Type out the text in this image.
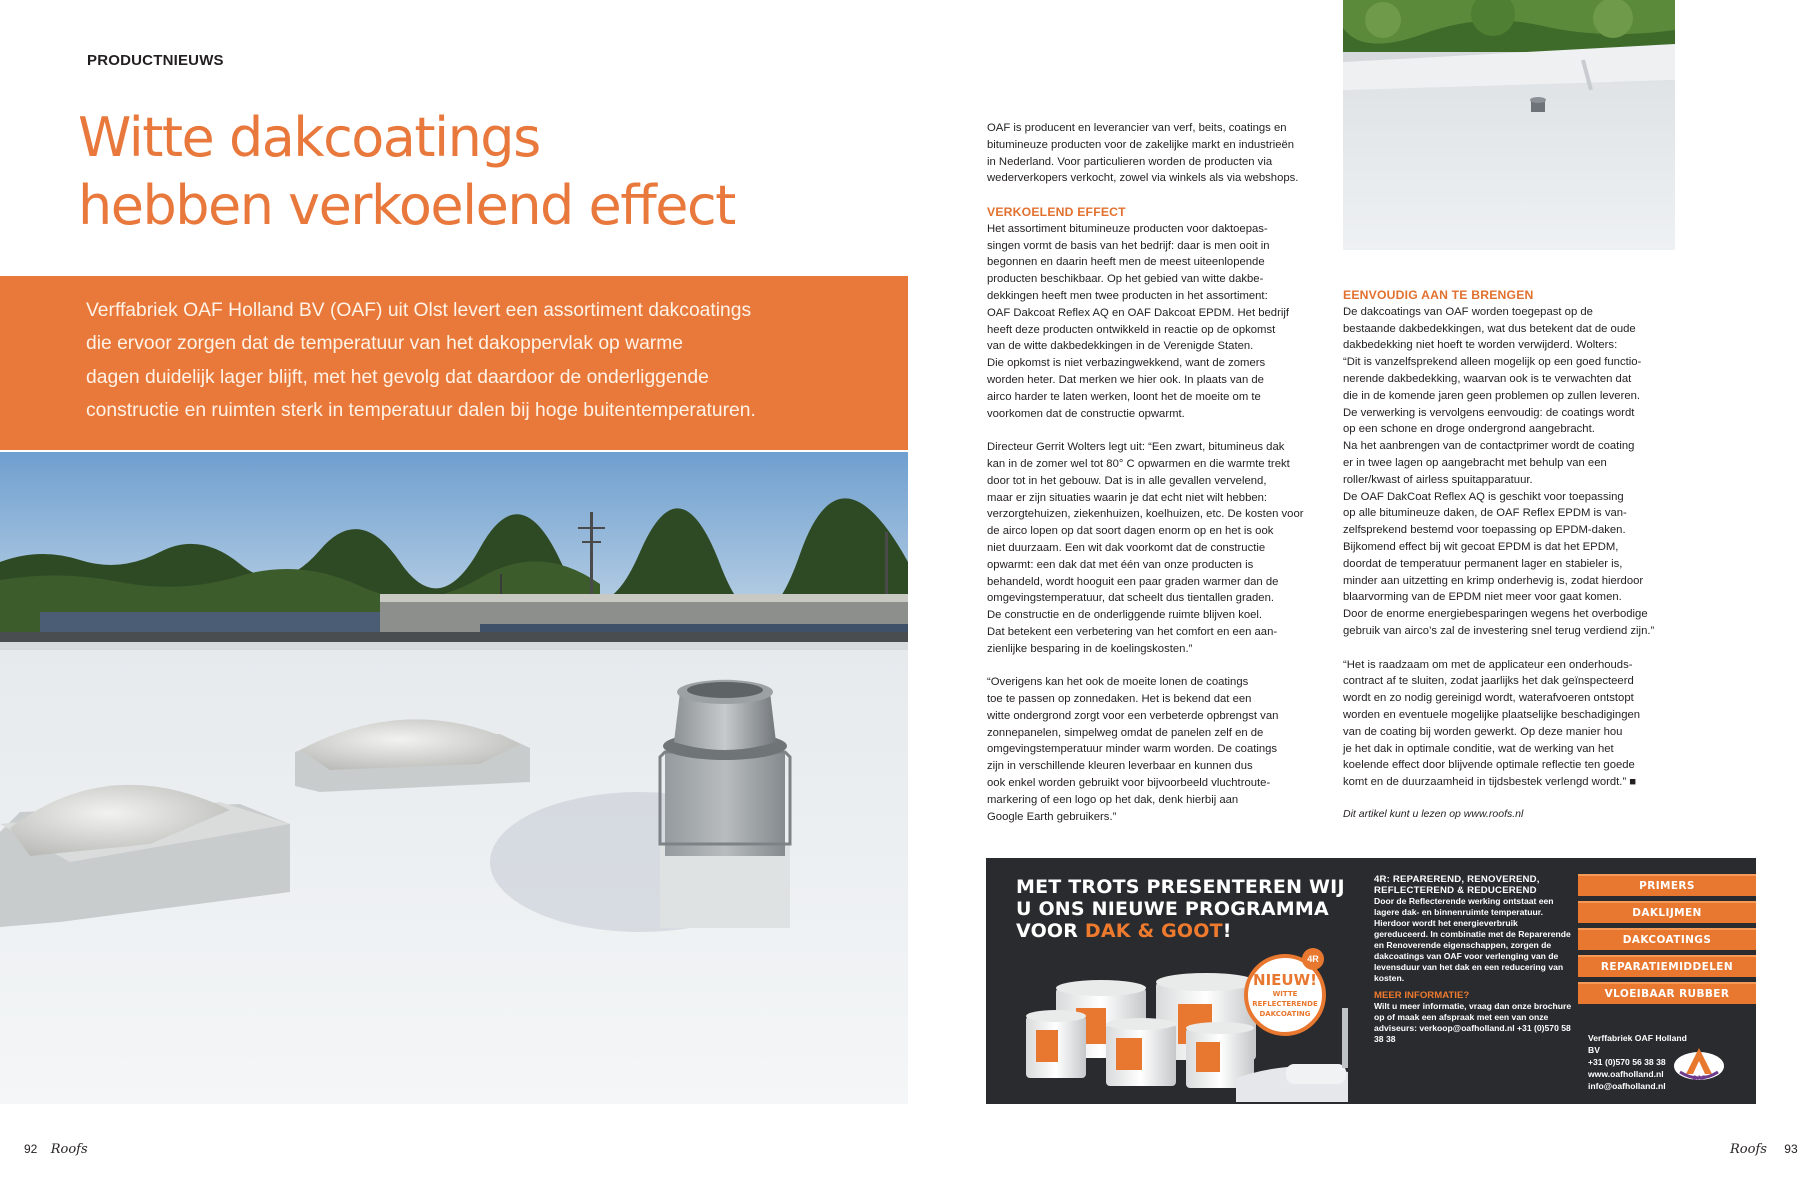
PRODUCTNIEUWS
Witte dakcoatings
hebben verkoelend effect
Verffabriek OAF Holland BV (OAF) uit Olst levert een assortiment dakcoatings
die ervoor zorgen dat de temperatuur van het dakoppervlak op warme
dagen duidelijk lager blijft, met het gevolg dat daardoor de onderliggende
constructie en ruimten sterk in temperatuur dalen bij hoge buitentemperaturen.

OAF is producent en leverancier van verf, beits, coatings en
bitumineuze producten voor de zakelijke markt en industrieën
in Nederland. Voor particulieren worden de producten via
wederverkopers verkocht, zowel via winkels als via webshops.

VERKOELEND EFFECT

Het assortiment bitumineuze producten voor daktoepas-
singen vormt de basis van het bedrijf: daar is men ooit in
begonnen en daarin heeft men de meest uiteenlopende
producten beschikbaar. Op het gebied van witte dakbe-
dekkingen heeft men twee producten in het assortiment:
OAF Dakcoat Reflex AQ en OAF Dakcoat EPDM. Het bedrijf
heeft deze producten ontwikkeld in reactie op de opkomst
van de witte dakbedekkingen in de Verenigde Staten.
Die opkomst is niet verbazingwekkend, want de zomers
worden heter. Dat merken we hier ook. In plaats van de
airco harder te laten werken, loont het de moeite om te
voorkomen dat de constructie opwarmt.

Directeur Gerrit Wolters legt uit: “Een zwart, bitumineus dak
kan in de zomer wel tot 80° C opwarmen en die warmte trekt
door tot in het gebouw. Dat is in alle gevallen vervelend,
maar er zijn situaties waarin je dat echt niet wilt hebben:
verzorgtehuizen, ziekenhuizen, koelhuizen, etc. De kosten voor
de airco lopen op dat soort dagen enorm op en het is ook
niet duurzaam. Een wit dak voorkomt dat de constructie
opwarmt: een dak dat met één van onze producten is
behandeld, wordt hooguit een paar graden warmer dan de
omgevingstemperatuur, dat scheelt dus tientallen graden.
De constructie en de onderliggende ruimte blijven koel.
Dat betekent een verbetering van het comfort en een aan-
zienlijke besparing in de koelingskosten.”

“Overigens kan het ook de moeite lonen de coatings
toe te passen op zonnedaken. Het is bekend dat een
witte ondergrond zorgt voor een verbeterde opbrengst van
zonnepanelen, simpelweg omdat de panelen zelf en de
omgevingstemperatuur minder warm worden. De coatings
zijn in verschillende kleuren leverbaar en kunnen dus
ook enkel worden gebruikt voor bijvoorbeeld vluchtroute-
markering of een logo op het dak, denk hierbij aan
Google Earth gebruikers.”

EENVOUDIG AAN TE BRENGEN

De dakcoatings van OAF worden toegepast op de
bestaande dakbedekkingen, wat dus betekent dat de oude
dakbedekking niet hoeft te worden verwijderd. Wolters:
“Dit is vanzelfsprekend alleen mogelijk op een goed functio-
nerende dakbedekking, waarvan ook is te verwachten dat
die in de komende jaren geen problemen op zullen leveren.
De verwerking is vervolgens eenvoudig: de coatings wordt
op een schone en droge ondergrond aangebracht.
Na het aanbrengen van de contactprimer wordt de coating
er in twee lagen op aangebracht met behulp van een
roller/kwast of airless spuitapparatuur.
De OAF DakCoat Reflex AQ is geschikt voor toepassing
op alle bitumineuze daken, de OAF Reflex EPDM is van-
zelfsprekend bestemd voor toepassing op EPDM-daken.
Bijkomend effect bij wit gecoat EPDM is dat het EPDM,
doordat de temperatuur permanent lager en stabieler is,
minder aan uitzetting en krimp onderhevig is, zodat hierdoor
blaarvorming van de EPDM niet meer voor gaat komen.
Door de enorme energiebesparingen wegens het overbodige
gebruik van airco’s zal de investering snel terug verdiend zijn.”

“Het is raadzaam om met de applicateur een onderhouds-
contract af te sluiten, zodat jaarlijks het dak geïnspecteerd
wordt en zo nodig gereinigd wordt, waterafvoeren ontstopt
worden en eventuele mogelijke plaatselijke beschadigingen
van de coating bij worden gewerkt. Op deze manier hou
je het dak in optimale conditie, wat de werking van het
koelende effect door blijvende optimale reflectie ten goede
komt en de duurzaamheid in tijdsbestek verlengd wordt.” ■

Dit artikel kunt u lezen op www.roofs.nl
MET TROTS PRESENTEREN WIJ
U ONS NIEUWE PROGRAMMA
VOOR DAK & GOOT!
NIEUW!
WITTE
REFLECTERENDE
DAKCOATING
4R
4R: REPAREREND, RENOVEREND,
REFLECTEREND & REDUCEREND
Door de Reflecterende werking ontstaat een lagere dak- en binnenruimte temperatuur. Hierdoor wordt het energieverbruik gereduceerd. In combinatie met de Reparerende en Renoverende eigenschappen, zorgen de dakcoatings van OAF voor verlenging van de levensduur van het dak en een reducering van kosten.
MEER INFORMATIE?
Wilt u meer informatie, vraag dan onze brochure op of maak een afspraak met een van onze adviseurs: verkoop@oafholland.nl +31 (0)570 58 38 38
PRIMERS
DAKLIJMEN
DAKCOATINGS
REPARATIEMIDDELEN
VLOEIBAAR RUBBER
Verffabriek OAF Holland BV
+31 (0)570 56 38 38
www.oafholland.nl
info@oafholland.nl
OAF
92 Roofs	Roofs 93
